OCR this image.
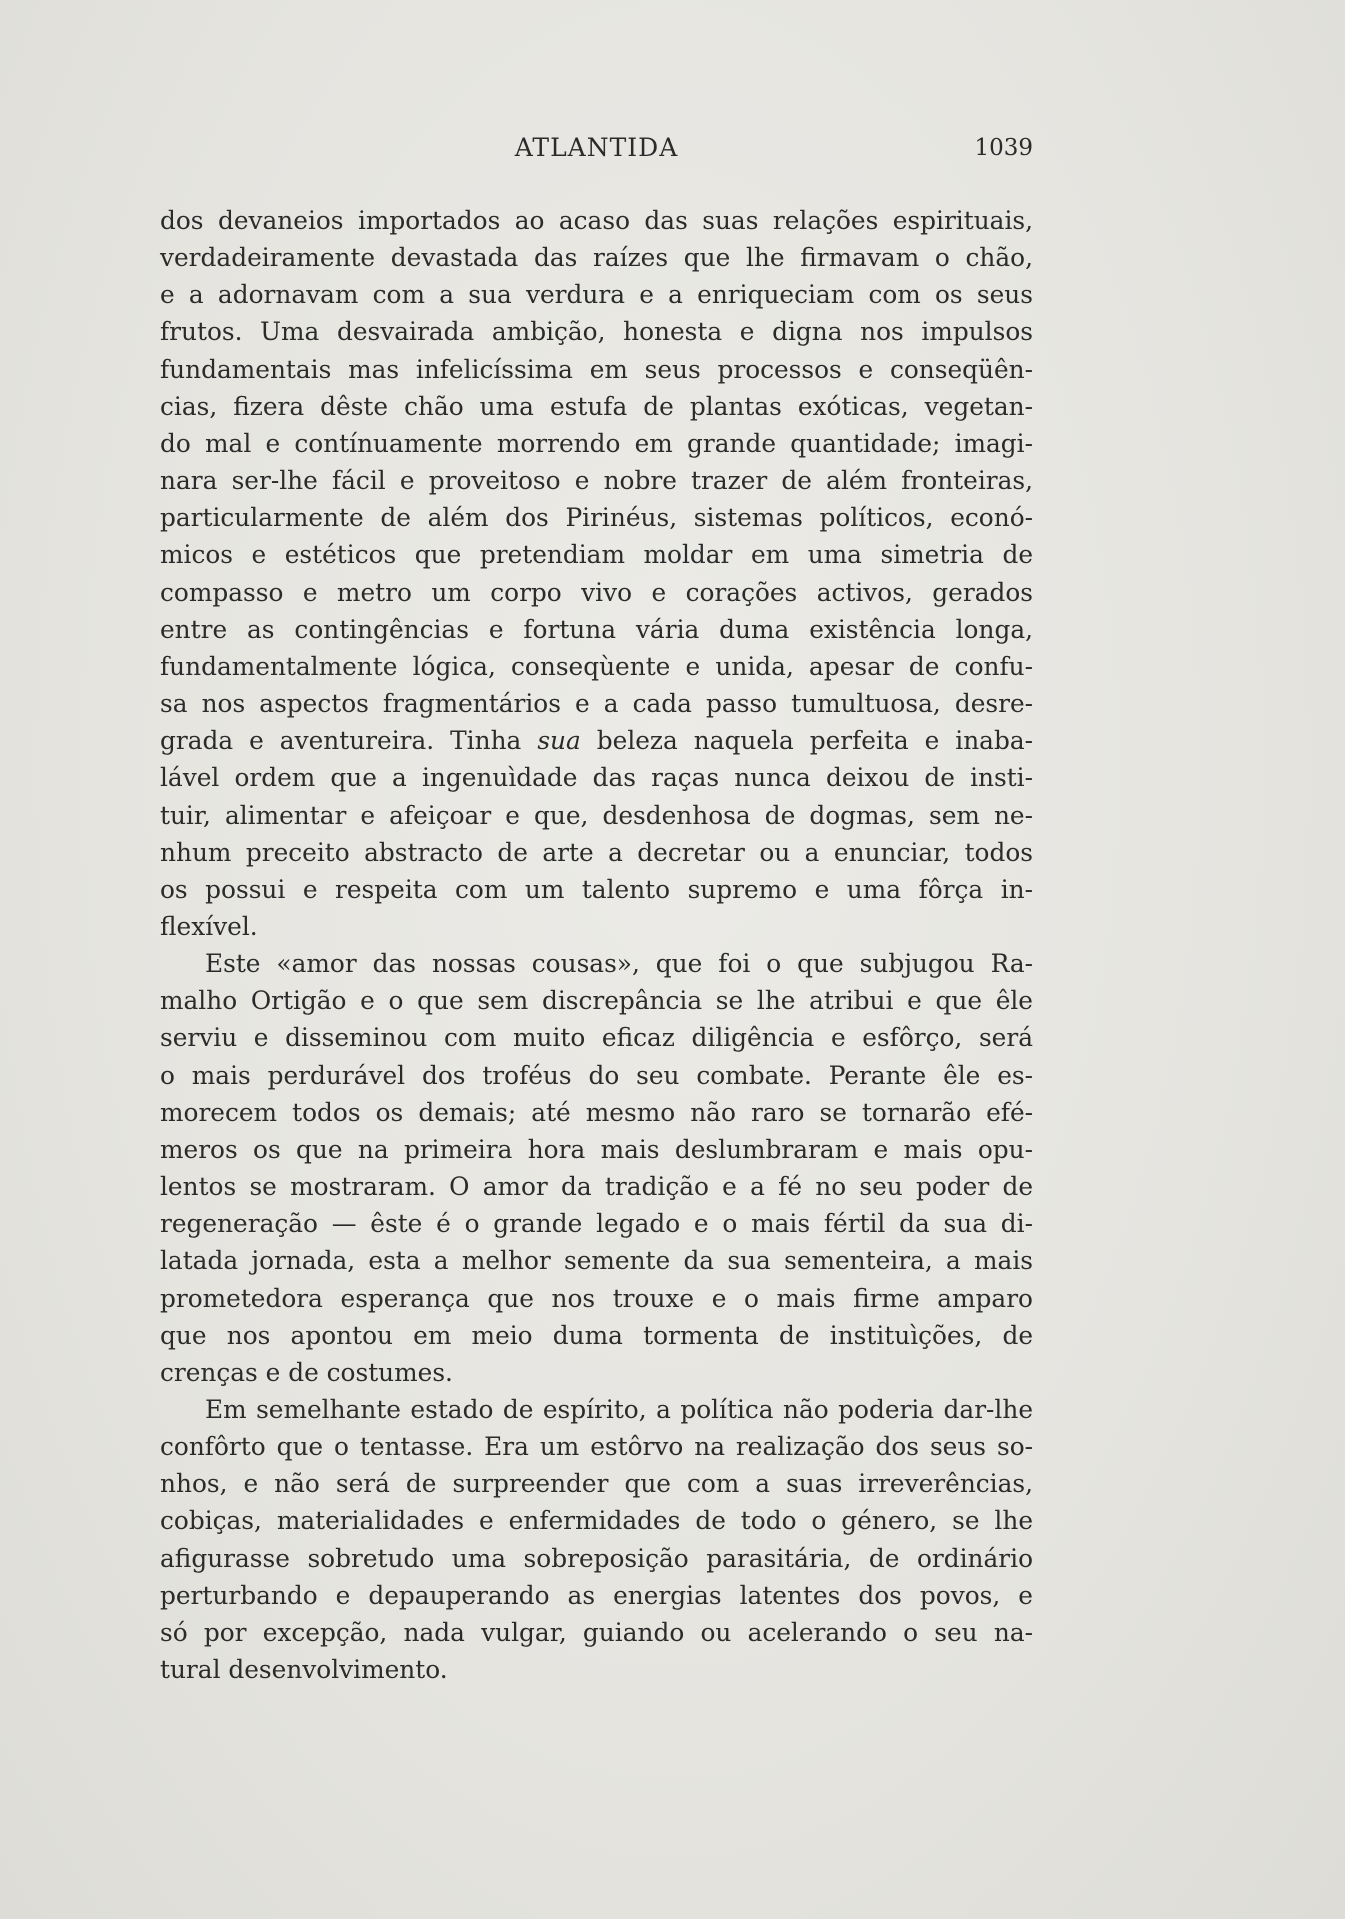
ATLANTIDA	1039
dos devaneios importados ao acaso das suas relações espirituais,
verdadeiramente devastada das raízes que lhe firmavam o chão,
e a adornavam com a sua verdura e a enriqueciam com os seus
frutos. Uma desvairada ambição, honesta e digna nos impulsos
fundamentais mas infelicíssima em seus processos e conseqüên-
cias, fizera dêste chão uma estufa de plantas exóticas, vegetan-
do mal e contínuamente morrendo em grande quantidade; imagi-
nara ser-lhe fácil e proveitoso e nobre trazer de além fronteiras,
particularmente de além dos Pirinéus, sistemas políticos, econó-
micos e estéticos que pretendiam moldar em uma simetria de
compasso e metro um corpo vivo e corações activos, gerados
entre as contingências e fortuna vária duma existência longa,
fundamentalmente lógica, conseqùente e unida, apesar de confu-
sa nos aspectos fragmentários e a cada passo tumultuosa, desre-
grada e aventureira. Tinha sua beleza naquela perfeita e inaba-
lável ordem que a ingenuìdade das raças nunca deixou de insti-
tuir, alimentar e afeiçoar e que, desdenhosa de dogmas, sem ne-
nhum preceito abstracto de arte a decretar ou a enunciar, todos
os possui e respeita com um talento supremo e uma fôrça in-
flexível.
Este «amor das nossas cousas», que foi o que subjugou Ra-
malho Ortigão e o que sem discrepância se lhe atribui e que êle
serviu e disseminou com muito eficaz diligência e esfôrço, será
o mais perdurável dos troféus do seu combate. Perante êle es-
morecem todos os demais; até mesmo não raro se tornarão efé-
meros os que na primeira hora mais deslumbraram e mais opu-
lentos se mostraram. O amor da tradição e a fé no seu poder de
regeneração — êste é o grande legado e o mais fértil da sua di-
latada jornada, esta a melhor semente da sua sementeira, a mais
prometedora esperança que nos trouxe e o mais firme amparo
que nos apontou em meio duma tormenta de instituìções, de
crenças e de costumes.
Em semelhante estado de espírito, a política não poderia dar-lhe
confôrto que o tentasse. Era um estôrvo na realização dos seus so-
nhos, e não será de surpreender que com a suas irreverências,
cobiças, materialidades e enfermidades de todo o género, se lhe
afigurasse sobretudo uma sobreposição parasitária, de ordinário
perturbando e depauperando as energias latentes dos povos, e
só por excepção, nada vulgar, guiando ou acelerando o seu na-
tural desenvolvimento.
